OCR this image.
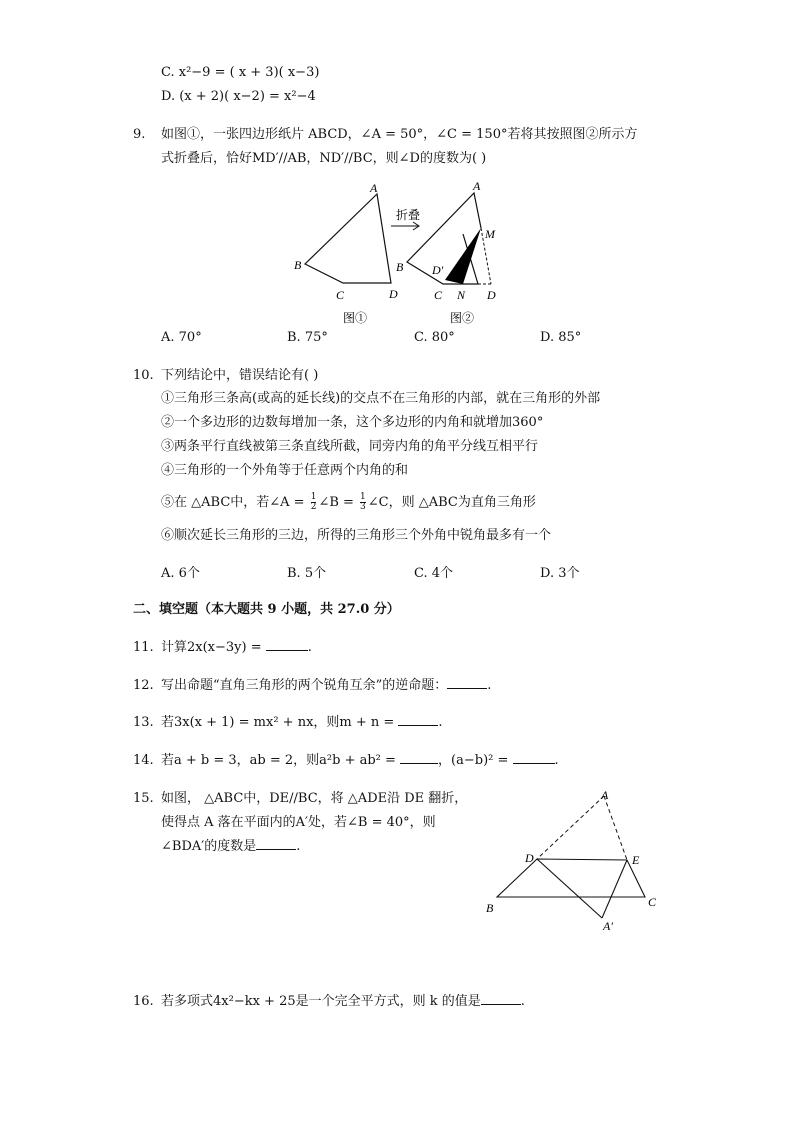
C. x²−9 = ( x + 3)( x−3)
D. (x + 2)( x−2) = x²−4
9. 如图①，一张四边形纸片 ABCD，∠A = 50°，∠C = 150°若将其按照图②所示方
式折叠后，恰好MD′//AB，ND′//BC，则∠D的度数为( )
A
B
C	D
图①
折叠
A
B
C	D
M
N
D′
图②
A. 70°	B. 75°	C. 80°	D. 85°
10. 下列结论中，错误结论有( )
①三角形三条高(或高的延长线)的交点不在三角形的内部，就在三角形的外部
②一个多边形的边数每增加一条，这个多边形的内角和就增加360°
③两条平行直线被第三条直线所截，同旁内角的角平分线互相平行
④三角形的一个外角等于任意两个内角的和
⑤在 △ABC中，若∠A = $\frac{1}{2}$ ∠B = $\frac{1}{3}$ ∠C，则 △ABC为直角三角形
⑥顺次延长三角形的三边，所得的三角形三个外角中锐角最多有一个
A. 6个	B. 5个	C. 4个	D. 3个
二、填空题（本大题共 9 小题，共 27.0 分）
11. 计算2x(x−3y) =	.
12. 写出命题“直角三角形的两个锐角互余”的逆命题：	.
13. 若3x(x + 1) = mx² + nx，则m + n =	.
14. 若a + b = 3，ab = 2，则a²b + ab² =	，(a−b)² =	.
15. 如图， △ABC中，DE//BC，将 △ADE沿 DE 翻折，
使得点 A 落在平面内的A′处，若∠B = 40°，则
∠BDA′的度数是	.
A
D	E
B	C
A′
16. 若多项式4x²−kx + 25是一个完全平方式，则 k 的值是	.
